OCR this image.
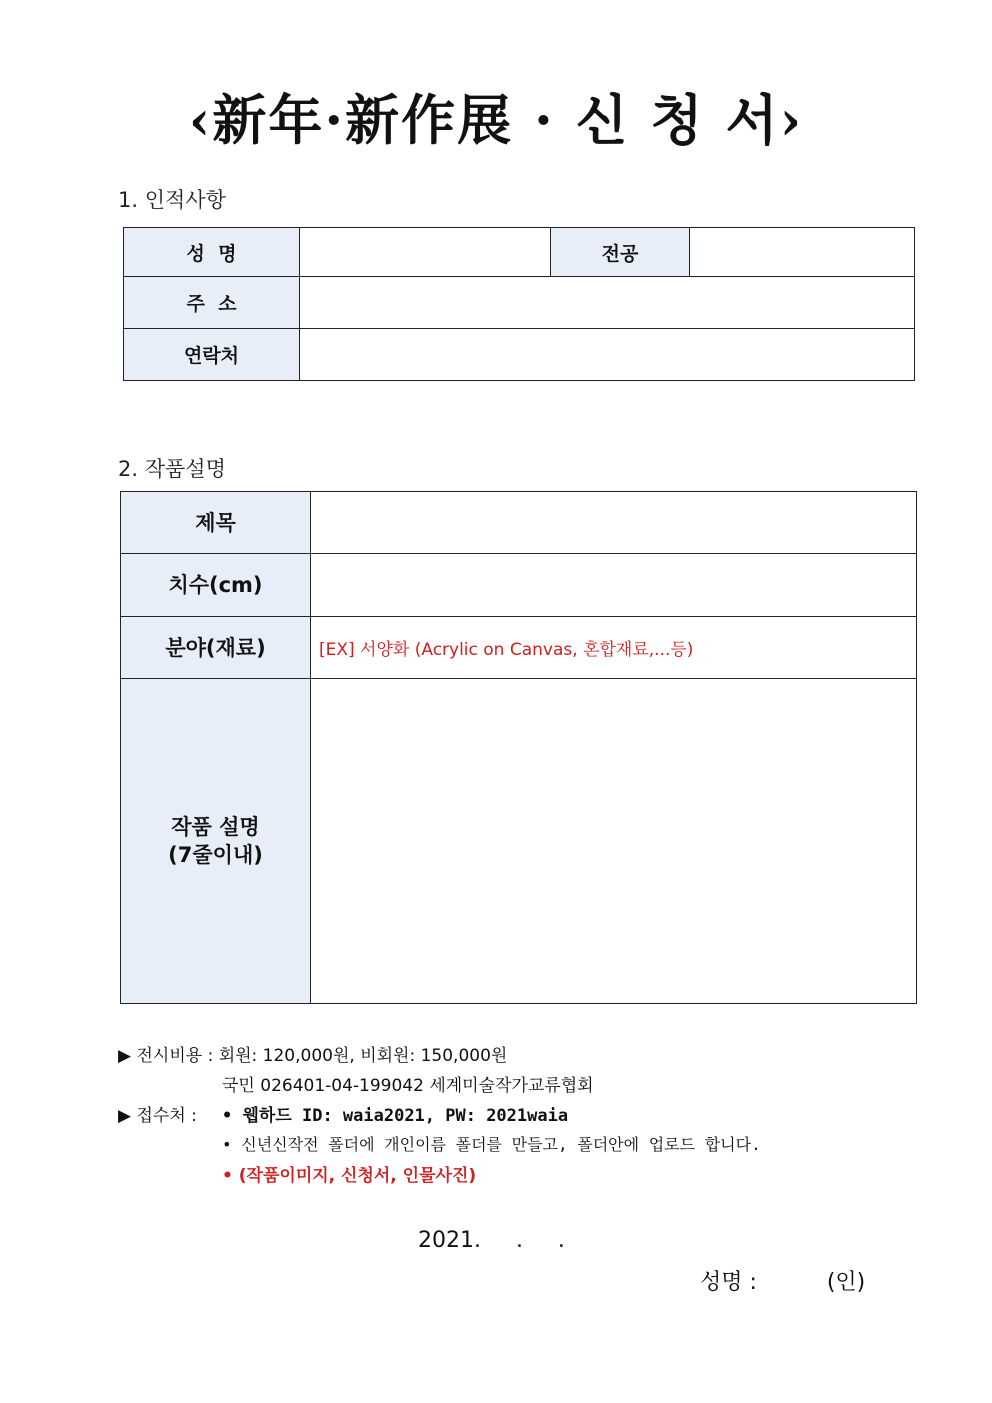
‹新年·新作展 · 신 청 서›
1. 인적사항
성  명		전공	
주  소			
연락처			
2. 작품설명
제목	
치수(cm)	
분야(재료)	[EX] 서양화 (Acrylic on Canvas, 혼합재료,...등)

작품 설명
(7줄이내)	

▶ 전시비용 : 회원: 120,000원, 비회원: 150,000원
국민 026401-04-199042 세계미술작가교류협회
▶ 접수처 : • 웹하드 ID: waia2021, PW: 2021waia
• 신년신작전 폴더에 개인이름 폴더를 만들고, 폴더안에 업로드 합니다.
• (작품이미지, 신청서, 인물사진)
2021.     .     .
성명 :          (인)
